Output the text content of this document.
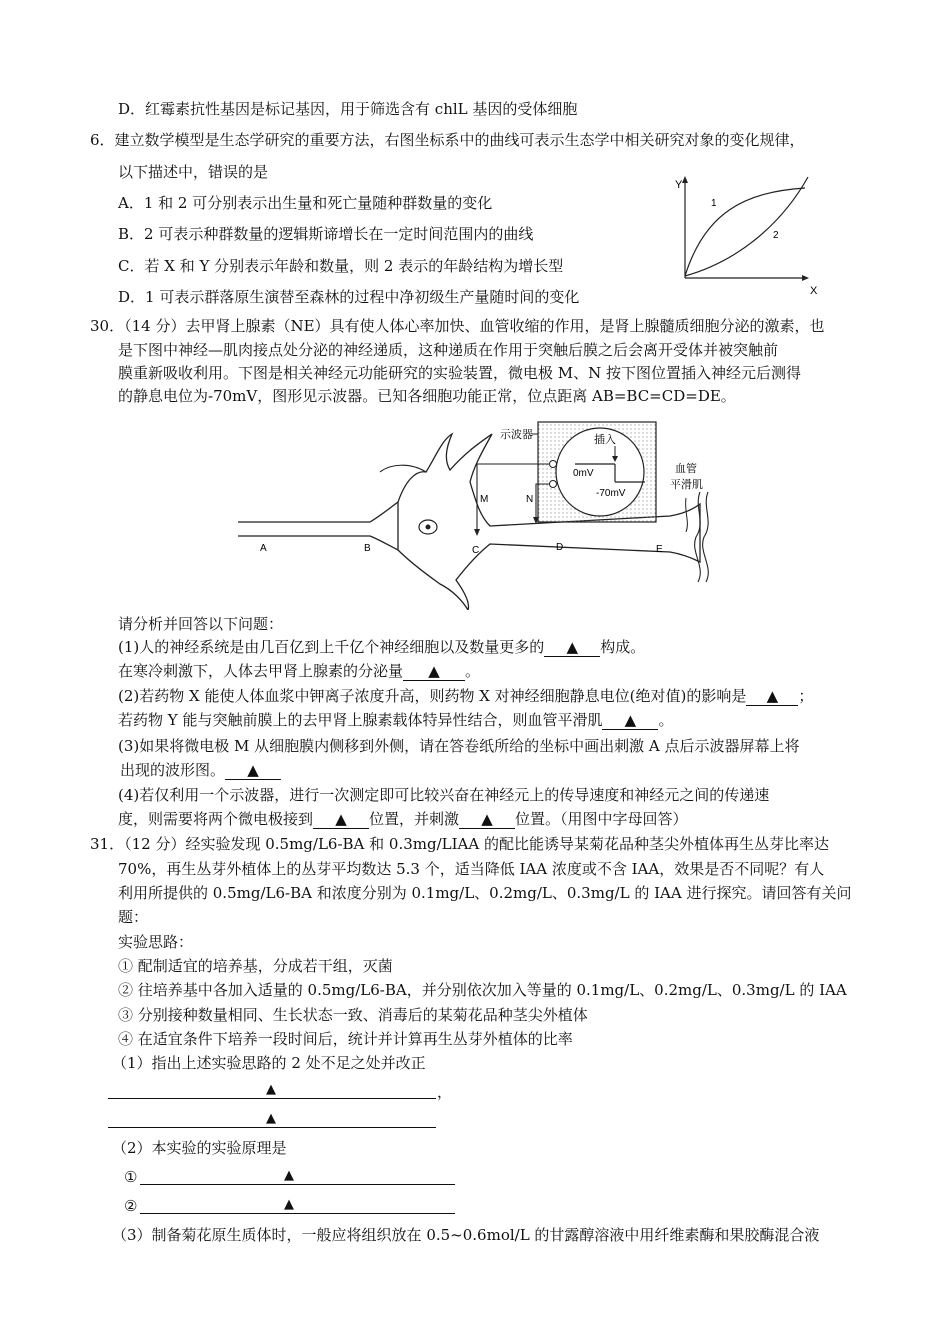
D．红霉素抗性基因是标记基因，用于筛选含有 chlL 基因的受体细胞
6．建立数学模型是生态学研究的重要方法，右图坐标系中的曲线可表示生态学中相关研究对象的变化规律，
以下描述中，错误的是
A．1 和 2 可分别表示出生量和死亡量随种群数量的变化
B．2 可表示种群数量的逻辑斯谛增长在一定时间范围内的曲线
C．若 X 和 Y 分别表示年龄和数量，则 2 表示的年龄结构为增长型
D．1 可表示群落原生演替至森林的过程中净初级生产量随时间的变化
Y
X
1
2
30．（14 分）去甲肾上腺素（NE）具有使人体心率加快、血管收缩的作用，是肾上腺髓质细胞分泌的激素，也
是下图中神经—肌肉接点处分泌的神经递质，这种递质在作用于突触后膜之后会离开受体并被突触前
膜重新吸收利用。下图是相关神经元功能研究的实验装置，微电极 M、N 按下图位置插入神经元后测得
的静息电位为-70mV，图形见示波器。已知各细胞功能正常，位点距离 AB=BC=CD=DE。
插入
0mV
-70mV
示波器
M	N
血管
平滑肌
A	B	C	D	E
请分析并回答以下问题：
(1)人的神经系统是由几百亿到上千亿个神经细胞以及数量更多的 ▲ 构成。
在寒冷刺激下，人体去甲肾上腺素的分泌量 ▲ 。
(2)若药物 X 能使人体血浆中钾离子浓度升高，则药物 X 对神经细胞静息电位(绝对值)的影响是 ▲ ；
若药物 Y 能与突触前膜上的去甲肾上腺素载体特异性结合，则血管平滑肌 ▲ 。
(3)如果将微电极 M 从细胞膜内侧移到外侧，请在答卷纸所给的坐标中画出刺激 A 点后示波器屏幕上将
出现的波形图。 ▲
(4)若仅利用一个示波器，进行一次测定即可比较兴奋在神经元上的传导速度和神经元之间的传递速
度，则需要将两个微电极接到 ▲ 位置，并刺激 ▲ 位置。（用图中字母回答）
31．（12 分）经实验发现 0.5mg/L6-BA 和 0.3mg/LIAA 的配比能诱导某菊花品种茎尖外植体再生丛芽比率达
70%，再生丛芽外植体上的丛芽平均数达 5.3 个，适当降低 IAA 浓度或不含 IAA，效果是否不同呢？有人
利用所提供的 0.5mg/L6-BA 和浓度分别为 0.1mg/L、0.2mg/L、0.3mg/L 的 IAA 进行探究。请回答有关问
题：
实验思路：
① 配制适宜的培养基，分成若干组，灭菌
② 往培养基中各加入适量的 0.5mg/L6-BA，并分别依次加入等量的 0.1mg/L、0.2mg/L、0.3mg/L 的 IAA
③ 分别接种数量相同、生长状态一致、消毒后的某菊花品种茎尖外植体
④ 在适宜条件下培养一段时间后，统计并计算再生丛芽外植体的比率
（1）指出上述实验思路的 2 处不足之处并改正
▲	，
▲
（2）本实验的实验原理是
①	▲
②	▲
（3）制备菊花原生质体时，一般应将组织放在 0.5~0.6mol/L 的甘露醇溶液中用纤维素酶和果胶酶混合液
